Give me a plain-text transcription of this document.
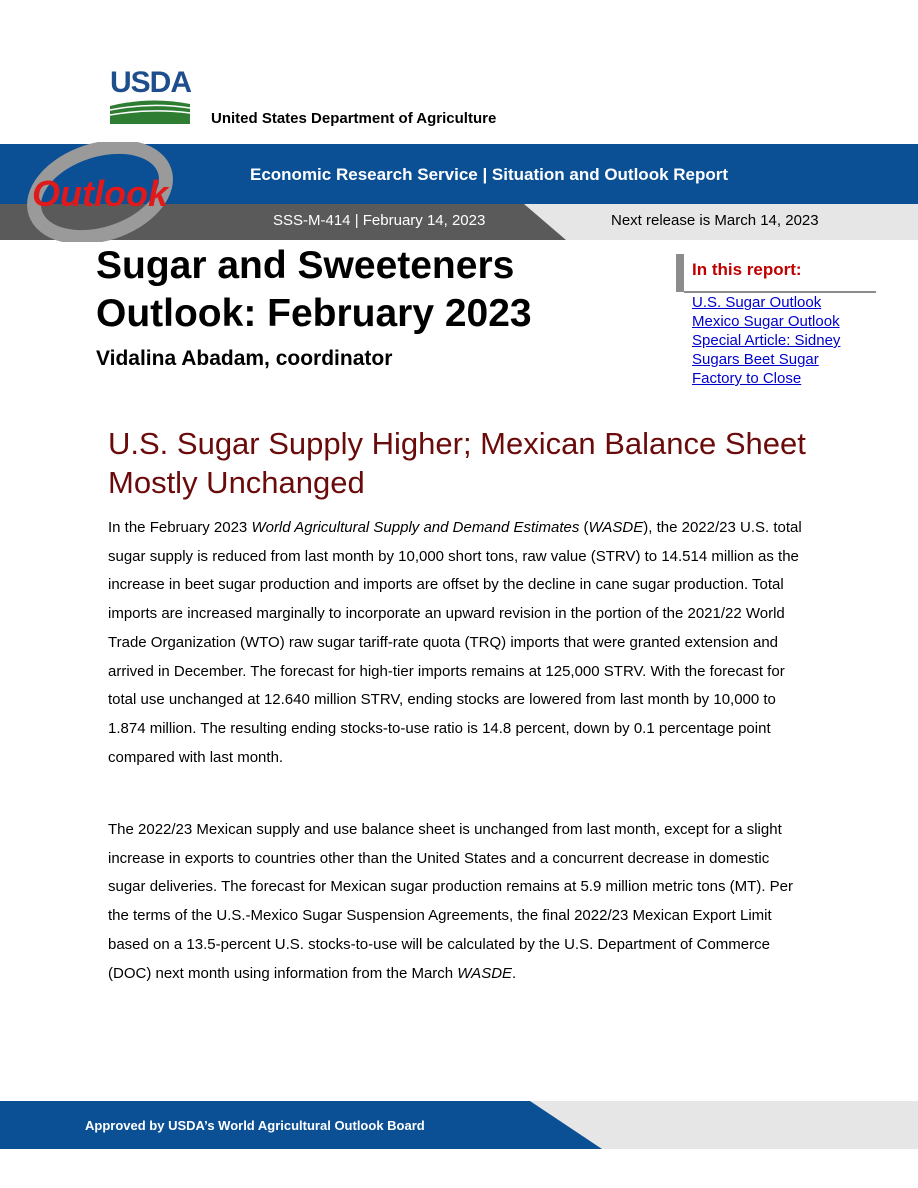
USDA
United States Department of Agriculture
Economic Research Service | Situation and Outlook Report
SSS-M-414 | February 14, 2023	Next release is March 14, 2023
Outlook
Sugar and Sweeteners Outlook: February 2023
Vidalina Abadam, coordinator
In this report:
U.S. Sugar Outlook
Mexico Sugar Outlook
Special Article: Sidney
Sugars Beet Sugar
Factory to Close
U.S. Sugar Supply Higher; Mexican Balance Sheet Mostly Unchanged

In the February 2023 World Agricultural Supply and Demand Estimates (WASDE), the 2022/23 U.S. total sugar supply is reduced from last month by 10,000 short tons, raw value (STRV) to 14.514 million as the increase in beet sugar production and imports are offset by the decline in cane sugar production. Total imports are increased marginally to incorporate an upward revision in the portion of the 2021/22 World Trade Organization (WTO) raw sugar tariff-rate quota (TRQ) imports that were granted extension and arrived in December. The forecast for high-tier imports remains at 125,000 STRV. With the forecast for total use unchanged at 12.640 million STRV, ending stocks are lowered from last month by 10,000 to 1.874 million. The resulting ending stocks-to-use ratio is 14.8 percent, down by 0.1 percentage point compared with last month.

The 2022/23 Mexican supply and use balance sheet is unchanged from last month, except for a slight increase in exports to countries other than the United States and a concurrent decrease in domestic sugar deliveries. The forecast for Mexican sugar production remains at 5.9 million metric tons (MT). Per the terms of the U.S.-Mexico Sugar Suspension Agreements, the final 2022/23 Mexican Export Limit based on a 13.5-percent U.S. stocks-to-use will be calculated by the U.S. Department of Commerce (DOC) next month using information from the March WASDE.

Approved by USDA’s World Agricultural Outlook Board
